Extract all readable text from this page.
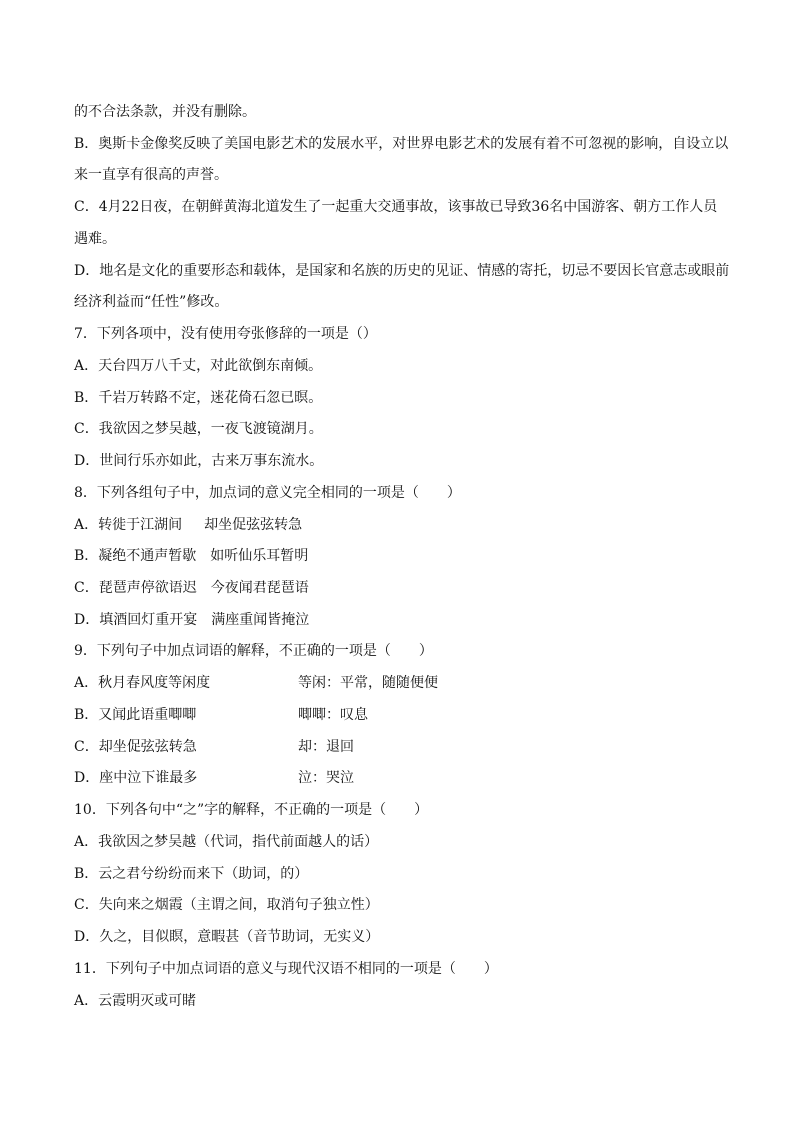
的不合法条款，并没有删除。
B．奥斯卡金像奖反映了美国电影艺术的发展水平，对世界电影艺术的发展有着不可忽视的影响，自设立以
来一直享有很高的声誉。
C．4月22日夜，在朝鲜黄海北道发生了一起重大交通事故，该事故已导致36名中国游客、朝方工作人员
遇难。
D．地名是文化的重要形态和载体，是国家和名族的历史的见证、情感的寄托，切忌不要因长官意志或眼前
经济利益而“任性”修改。
7．下列各项中，没有使用夸张修辞的一项是（）
A．天台四万八千丈，对此欲倒东南倾。
B．千岩万转路不定，迷花倚石忽已暝。
C．我欲因之梦吴越，一夜飞渡镜湖月。
D．世间行乐亦如此，古来万事东流水。
8．下列各组句子中，加点词的意义完全相同的一项是（　　）
A．转徙于江湖间 却坐促弦弦转急
B．凝绝不通声暂歇 如听仙乐耳暂明
C．琵琶声停欲语迟 今夜闻君琵琶语
D．填酒回灯重开宴 满座重闻皆掩泣
9．下列句子中加点词语的解释，不正确的一项是（　　）
A．秋月春风度等闲度	等闲：平常，随随便便
B．又闻此语重唧唧	唧唧：叹息
C．却坐促弦弦转急	却：退回
D．座中泣下谁最多	泣：哭泣
10．下列各句中“之”字的解释，不正确的一项是（　　）
A．我欲因之梦吴越（代词，指代前面越人的话）
B．云之君兮纷纷而来下（助词，的）
C．失向来之烟霞（主谓之间，取消句子独立性）
D．久之，目似瞑，意暇甚（音节助词，无实义）
11．下列句子中加点词语的意义与现代汉语不相同的一项是（　　）
A．云霞明灭或可睹
